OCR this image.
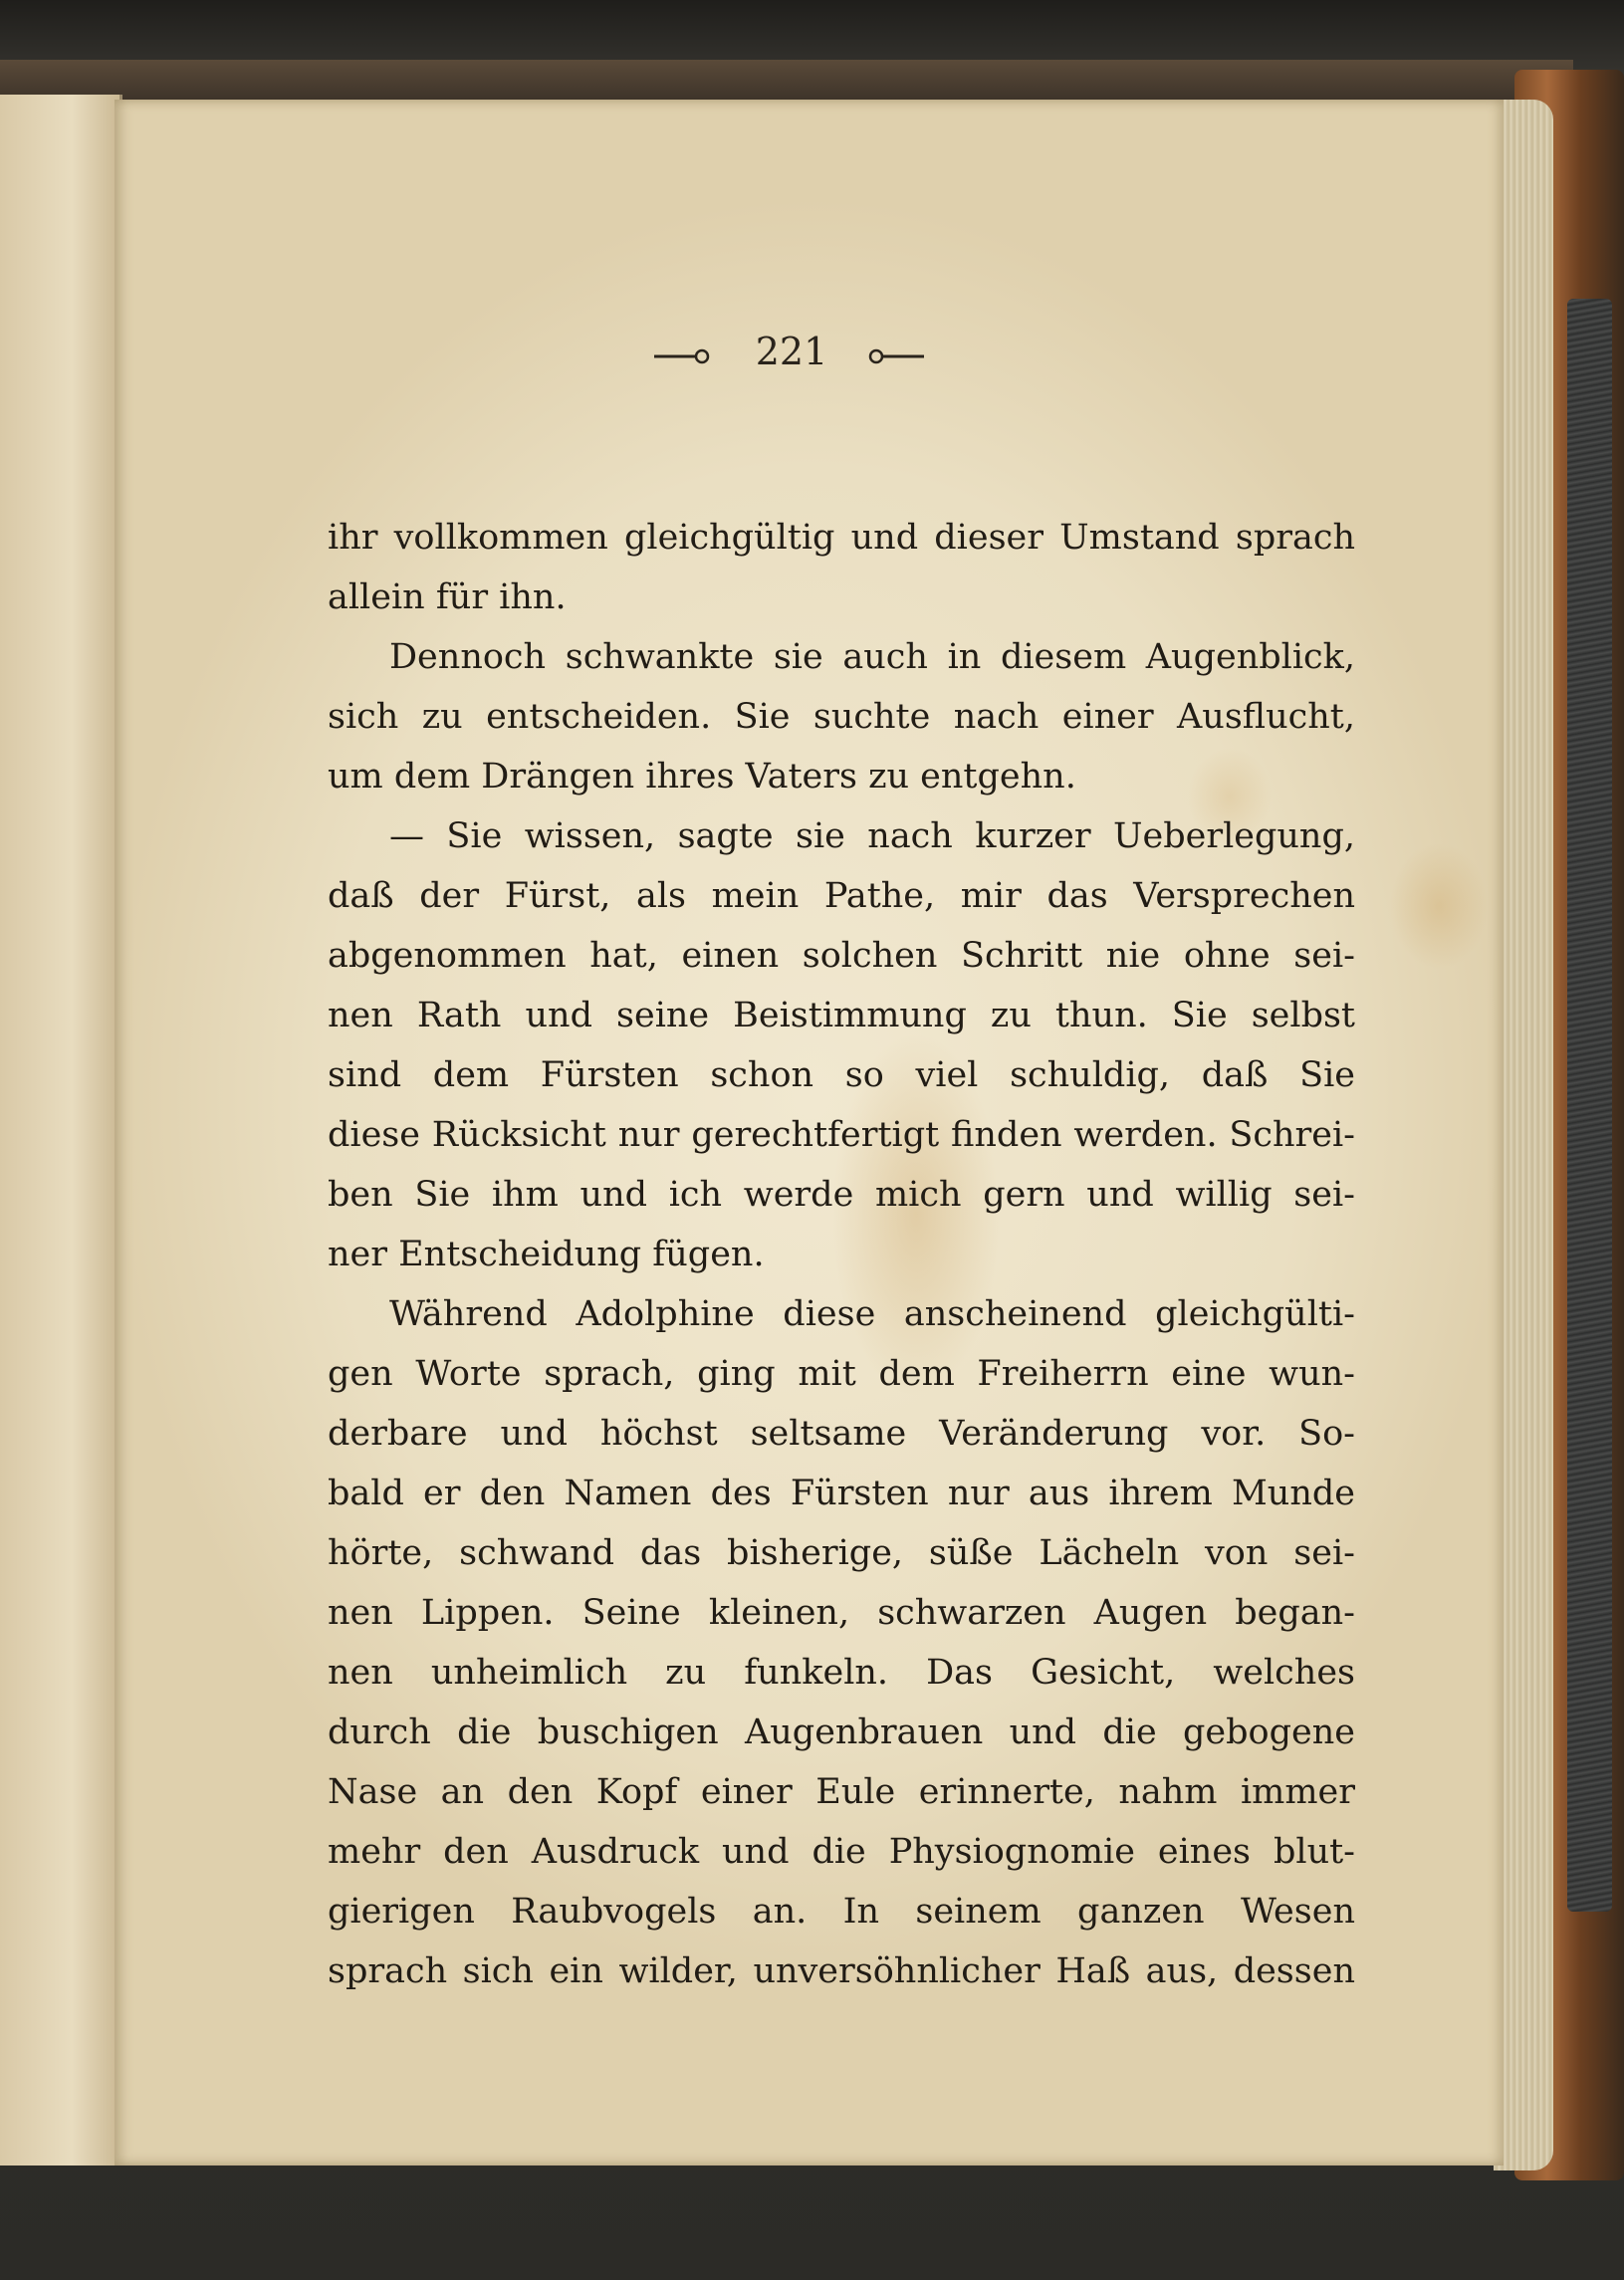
221
ihr vollkommen gleichgültig und dieser Umstand sprach
allein für ihn.
Dennoch schwankte sie auch in diesem Augenblick,
sich zu entscheiden. Sie suchte nach einer Ausflucht,
um dem Drängen ihres Vaters zu entgehn.
— Sie wissen, sagte sie nach kurzer Ueberlegung,
daß der Fürst, als mein Pathe, mir das Versprechen
abgenommen hat, einen solchen Schritt nie ohne sei-
nen Rath und seine Beistimmung zu thun. Sie selbst
sind dem Fürsten schon so viel schuldig, daß Sie
diese Rücksicht nur gerechtfertigt finden werden. Schrei-
ben Sie ihm und ich werde mich gern und willig sei-
ner Entscheidung fügen.
Während Adolphine diese anscheinend gleichgülti-
gen Worte sprach, ging mit dem Freiherrn eine wun-
derbare und höchst seltsame Veränderung vor. So-
bald er den Namen des Fürsten nur aus ihrem Munde
hörte, schwand das bisherige, süße Lächeln von sei-
nen Lippen. Seine kleinen, schwarzen Augen began-
nen unheimlich zu funkeln. Das Gesicht, welches
durch die buschigen Augenbrauen und die gebogene
Nase an den Kopf einer Eule erinnerte, nahm immer
mehr den Ausdruck und die Physiognomie eines blut-
gierigen Raubvogels an. In seinem ganzen Wesen
sprach sich ein wilder, unversöhnlicher Haß aus, dessen
